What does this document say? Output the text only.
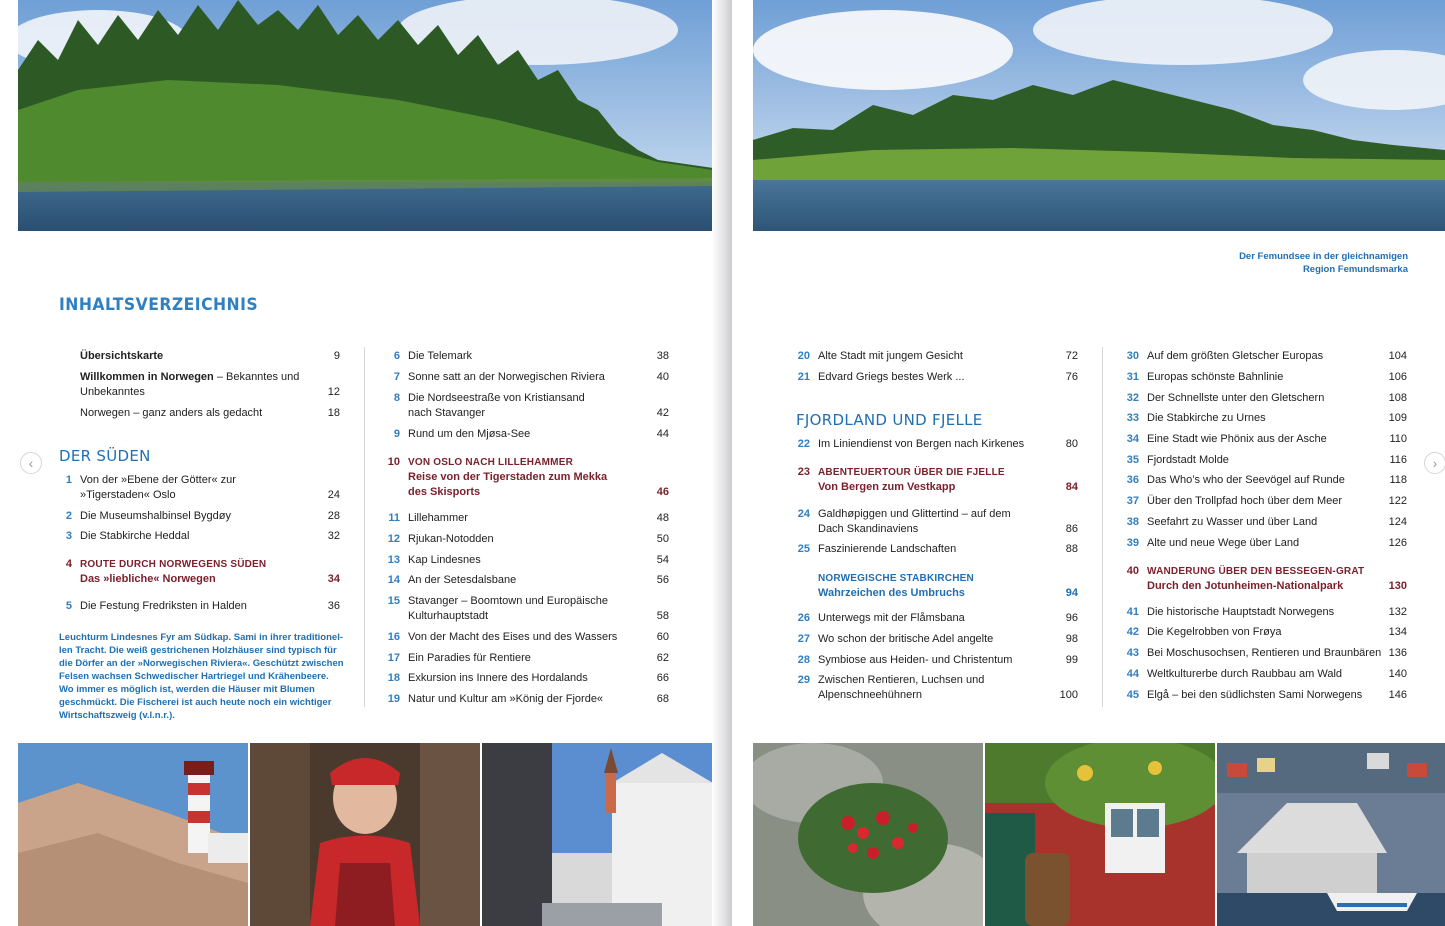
INHALTSVERZEICHNIS
Übersichtskarte	9
Willkommen in Norwegen – Bekanntes und
Unbekanntes	12
Norwegen – ganz anders als gedacht	18
DER SÜDEN
1 Von der »Ebene der Götter« zur
»Tigerstaden« Oslo	24
2 Die Museumshalbinsel Bygdøy	28
3 Die Stabkirche Heddal	32
4 ROUTE DURCH NORWEGENS SÜDEN
Das »liebliche« Norwegen	34
5 Die Festung Fredriksten in Halden	36
Leuchturm Lindesnes Fyr am Südkap. Sami in ihrer traditionel-
len Tracht. Die weiß gestrichenen Holzhäuser sind typisch für
die Dörfer an der »Norwegischen Riviera«. Geschützt zwischen
Felsen wachsen Schwedischer Hartriegel und Krähenbeere.
Wo immer es möglich ist, werden die Häuser mit Blumen
geschmückt. Die Fischerei ist auch heute noch ein wichtiger
Wirtschaftszweig (v.l.n.r.).
6 Die Telemark	38
7 Sonne satt an der Norwegischen Riviera	40
8 Die Nordseestraße von Kristiansand
nach Stavanger	42
9 Rund um den Mjøsa-See	44
10 VON OSLO NACH LILLEHAMMER
Reise von der Tigerstaden zum Mekka
des Skisports	46
11 Lillehammer	48
12 Rjukan-Notodden	50
13 Kap Lindesnes	54
14 An der Setesdalsbane	56
15 Stavanger – Boomtown und Europäische
Kulturhauptstadt	58
16 Von der Macht des Eises und des Wassers	60
17 Ein Paradies für Rentiere	62
18 Exkursion ins Innere des Hordalands	66
19 Natur und Kultur am »König der Fjorde«	68
‹
Der Femundsee in der gleichnamigen
Region Femundsmarka
20 Alte Stadt mit jungem Gesicht	72
21 Edvard Griegs bestes Werk ...	76
FJORDLAND UND FJELLE
22 Im Liniendienst von Bergen nach Kirkenes	80
23 ABENTEUERTOUR ÜBER DIE FJELLE
Von Bergen zum Vestkapp	84
24 Galdhøpiggen und Glittertind – auf dem
Dach Skandinaviens	86
25 Faszinierende Landschaften	88
NORWEGISCHE STABKIRCHEN
Wahrzeichen des Umbruchs	94
26 Unterwegs mit der Flåmsbana	96
27 Wo schon der britische Adel angelte	98
28 Symbiose aus Heiden- und Christentum	99
29 Zwischen Rentieren, Luchsen und
Alpenschneehühnern	100
30 Auf dem größten Gletscher Europas	104
31 Europas schönste Bahnlinie	106
32 Der Schnellste unter den Gletschern	108
33 Die Stabkirche zu Urnes	109
34 Eine Stadt wie Phönix aus der Asche	110
35 Fjordstadt Molde	116
36 Das Who’s who der Seevögel auf Runde	118
37 Über den Trollpfad hoch über dem Meer	122
38 Seefahrt zu Wasser und über Land	124
39 Alte und neue Wege über Land	126
40 WANDERUNG ÜBER DEN BESSEGEN-GRAT
Durch den Jotunheimen-Nationalpark	130
41 Die historische Hauptstadt Norwegens	132
42 Die Kegelrobben von Frøya	134
43 Bei Moschusochsen, Rentieren und Braunbären 136
44 Weltkulturerbe durch Raubbau am Wald	140
45 Elgå – bei den südlichsten Sami Norwegens 146
›
